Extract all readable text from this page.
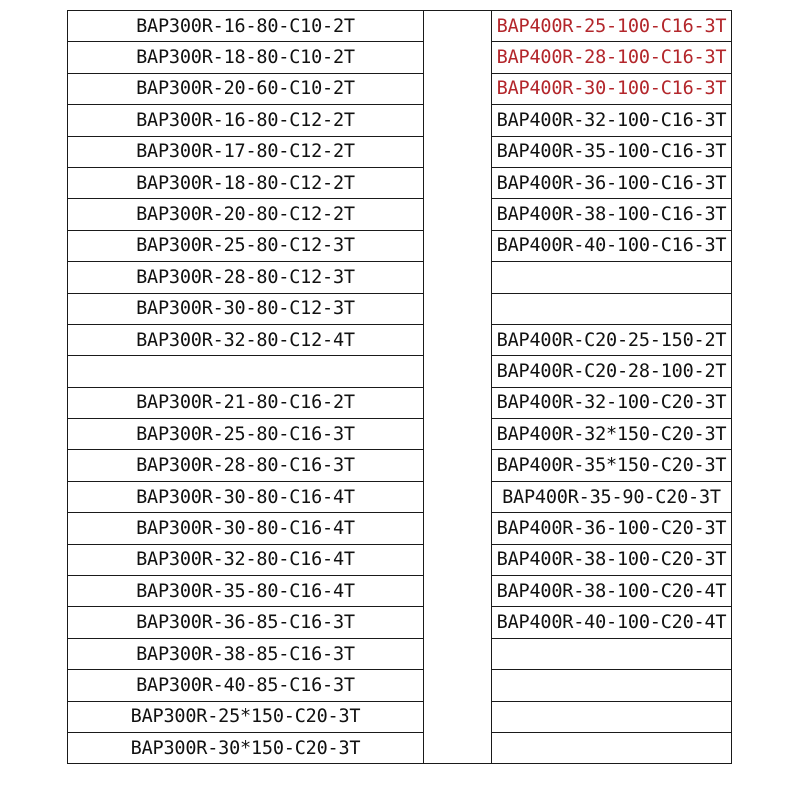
BAP300R-16-80-C10-2T		BAP400R-25-100-C16-3T
BAP300R-18-80-C10-2T		BAP400R-28-100-C16-3T
BAP300R-20-60-C10-2T		BAP400R-30-100-C16-3T
BAP300R-16-80-C12-2T		BAP400R-32-100-C16-3T
BAP300R-17-80-C12-2T		BAP400R-35-100-C16-3T
BAP300R-18-80-C12-2T		BAP400R-36-100-C16-3T
BAP300R-20-80-C12-2T		BAP400R-38-100-C16-3T
BAP300R-25-80-C12-3T		BAP400R-40-100-C16-3T
BAP300R-28-80-C12-3T		
BAP300R-30-80-C12-3T		
BAP300R-32-80-C12-4T		BAP400R-C20-25-150-2T
		BAP400R-C20-28-100-2T
BAP300R-21-80-C16-2T		BAP400R-32-100-C20-3T
BAP300R-25-80-C16-3T		BAP400R-32*150-C20-3T
BAP300R-28-80-C16-3T		BAP400R-35*150-C20-3T
BAP300R-30-80-C16-4T		BAP400R-35-90-C20-3T
BAP300R-30-80-C16-4T		BAP400R-36-100-C20-3T
BAP300R-32-80-C16-4T		BAP400R-38-100-C20-3T
BAP300R-35-80-C16-4T		BAP400R-38-100-C20-4T
BAP300R-36-85-C16-3T		BAP400R-40-100-C20-4T
BAP300R-38-85-C16-3T		
BAP300R-40-85-C16-3T		
BAP300R-25*150-C20-3T		
BAP300R-30*150-C20-3T		
